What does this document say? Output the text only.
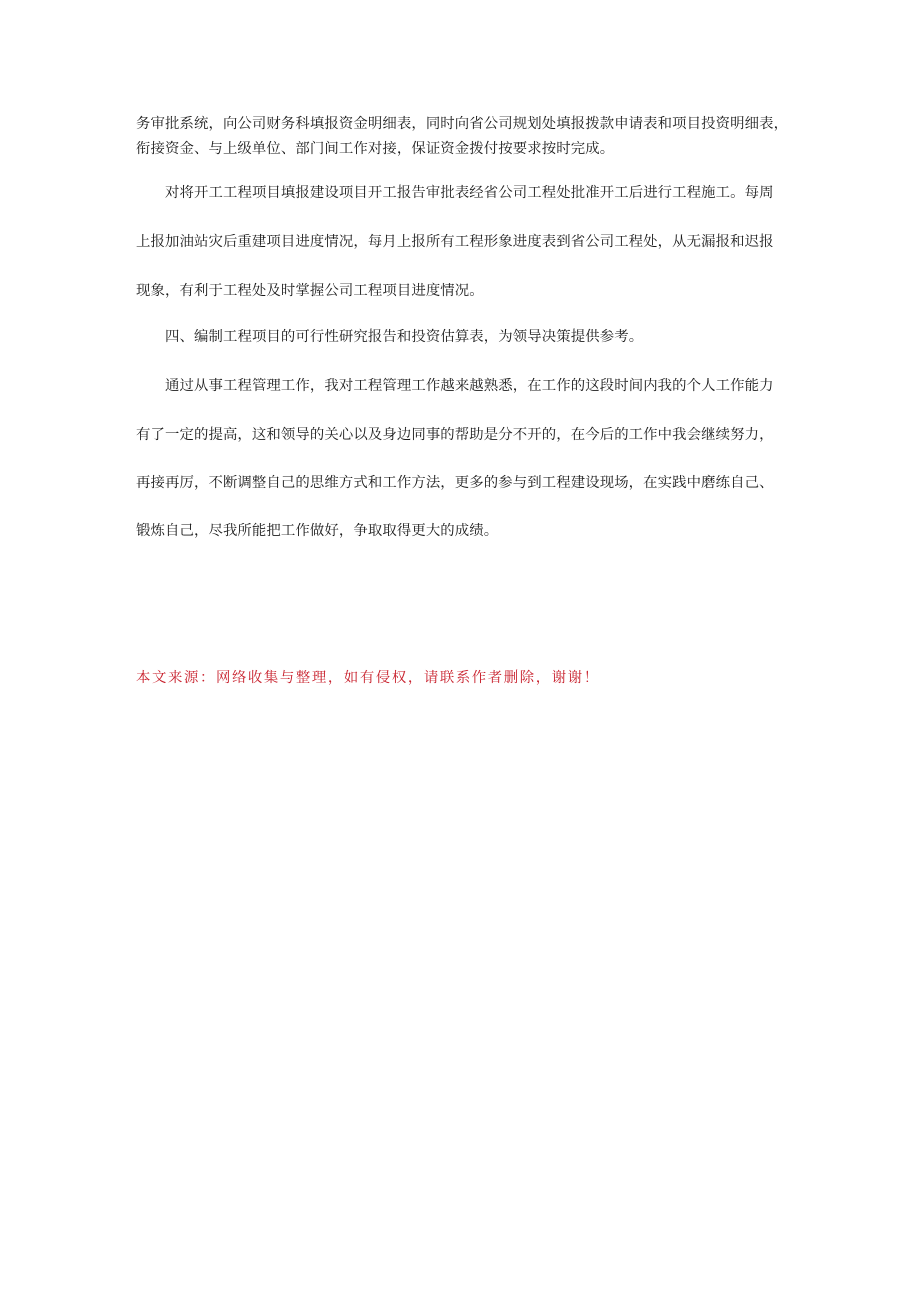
务审批系统，向公司财务科填报资金明细表，同时向省公司规划处填报拨款申请表和项目投资明细表，
衔接资金、与上级单位、部门间工作对接，保证资金拨付按要求按时完成。
对将开工工程项目填报建设项目开工报告审批表经省公司工程处批准开工后进行工程施工。每周
上报加油站灾后重建项目进度情况，每月上报所有工程形象进度表到省公司工程处，从无漏报和迟报
现象，有利于工程处及时掌握公司工程项目进度情况。
四、编制工程项目的可行性研究报告和投资估算表，为领导决策提供参考。
通过从事工程管理工作，我对工程管理工作越来越熟悉，在工作的这段时间内我的个人工作能力
有了一定的提高，这和领导的关心以及身边同事的帮助是分不开的，在今后的工作中我会继续努力，
再接再厉，不断调整自己的思维方式和工作方法，更多的参与到工程建设现场，在实践中磨练自己、
锻炼自己，尽我所能把工作做好，争取取得更大的成绩。
本文来源：网络收集与整理，如有侵权，请联系作者删除，谢谢！
